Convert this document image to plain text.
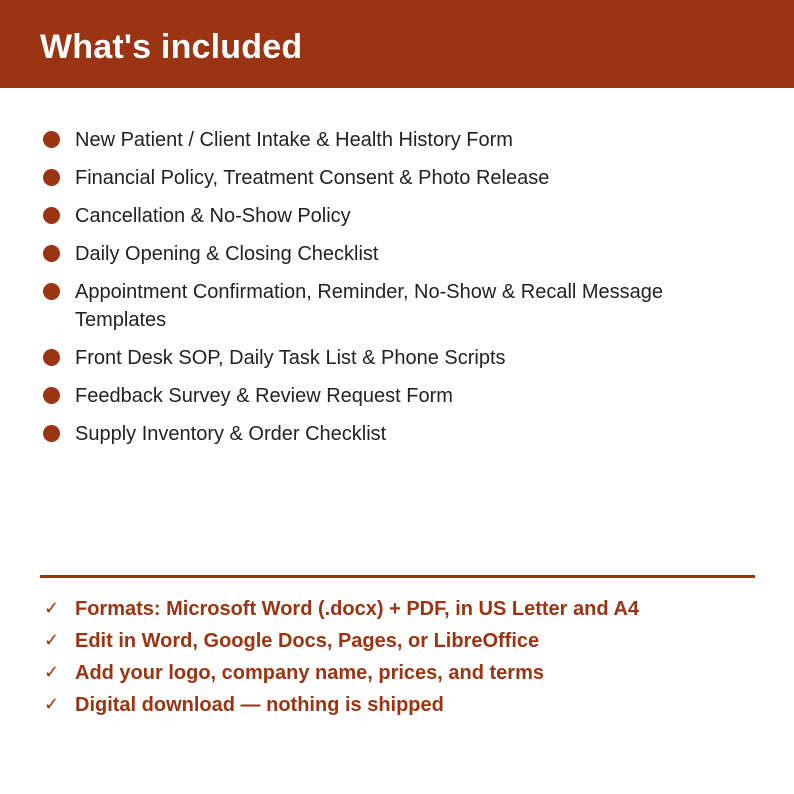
What's included
New Patient / Client Intake & Health History Form
Financial Policy, Treatment Consent & Photo Release
Cancellation & No-Show Policy
Daily Opening & Closing Checklist
Appointment Confirmation, Reminder, No-Show & Recall Message Templates
Front Desk SOP, Daily Task List & Phone Scripts
Feedback Survey & Review Request Form
Supply Inventory & Order Checklist
✓ Formats: Microsoft Word (.docx) + PDF, in US Letter and A4
✓ Edit in Word, Google Docs, Pages, or LibreOffice
✓ Add your logo, company name, prices, and terms
✓ Digital download — nothing is shipped
